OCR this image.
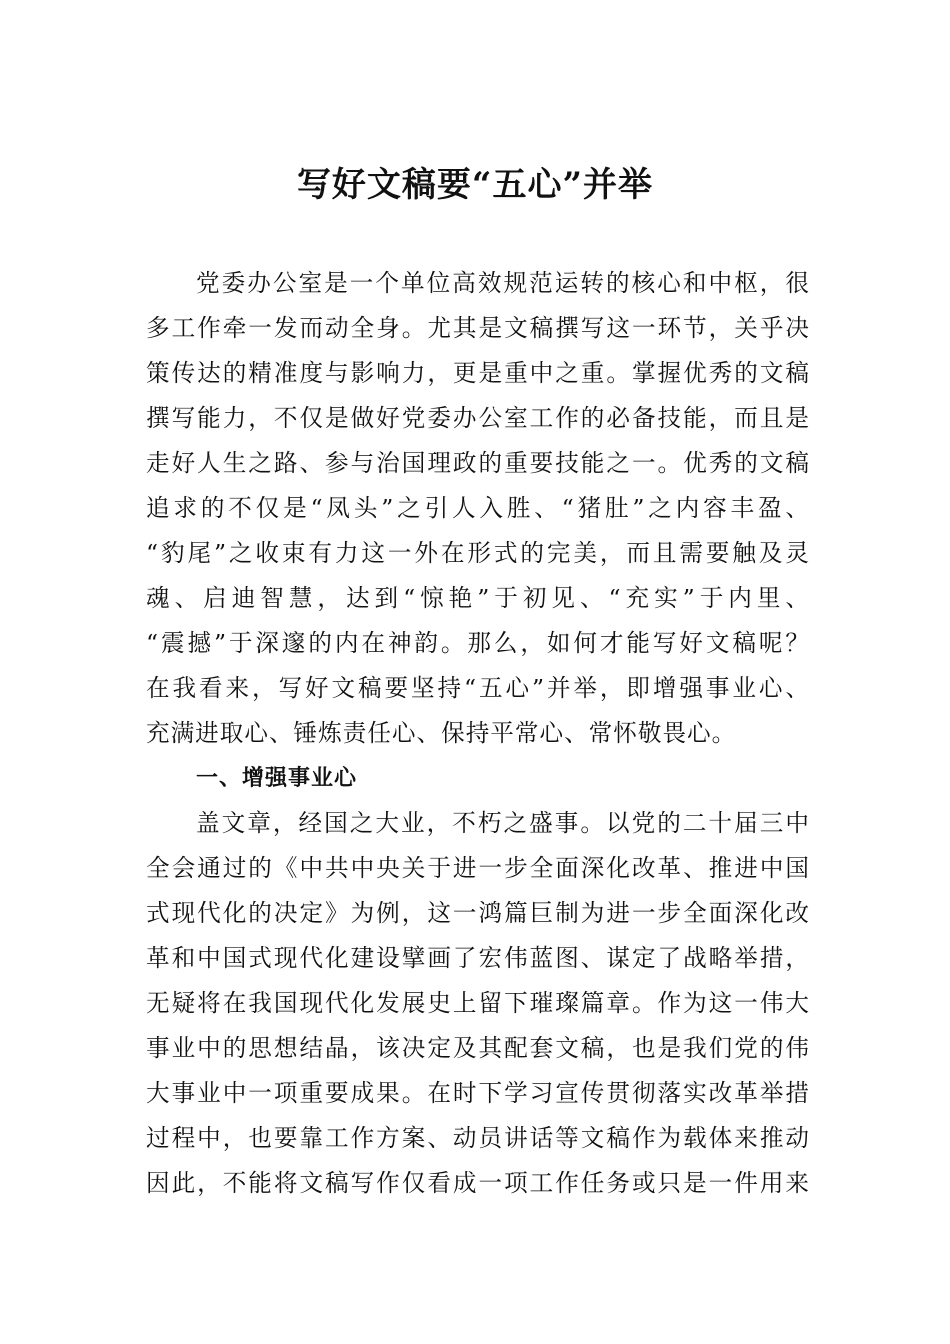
写好文稿要“五心”并举
党委办公室是一个单位高效规范运转的核心和中枢，很
多工作牵一发而动全身。尤其是文稿撰写这一环节，关乎决
策传达的精准度与影响力，更是重中之重。掌握优秀的文稿
撰写能力，不仅是做好党委办公室工作的必备技能，而且是
走好人生之路、参与治国理政的重要技能之一。优秀的文稿
追求的不仅是“凤头”之引人入胜、“猪肚”之内容丰盈、
“豹尾”之收束有力这一外在形式的完美，而且需要触及灵
魂、启迪智慧，达到“惊艳”于初见、“充实”于内里、
“震撼”于深邃的内在神韵。那么，如何才能写好文稿呢？
在我看来，写好文稿要坚持“五心”并举，即增强事业心、
充满进取心、锤炼责任心、保持平常心、常怀敬畏心。
一、增强事业心
盖文章，经国之大业，不朽之盛事。以党的二十届三中
全会通过的《中共中央关于进一步全面深化改革、推进中国
式现代化的决定》为例，这一鸿篇巨制为进一步全面深化改
革和中国式现代化建设擘画了宏伟蓝图、谋定了战略举措，
无疑将在我国现代化发展史上留下璀璨篇章。作为这一伟大
事业中的思想结晶，该决定及其配套文稿，也是我们党的伟
大事业中一项重要成果。在时下学习宣传贯彻落实改革举措
过程中，也要靠工作方案、动员讲话等文稿作为载体来推动
因此，不能将文稿写作仅看成一项工作任务或只是一件用来
